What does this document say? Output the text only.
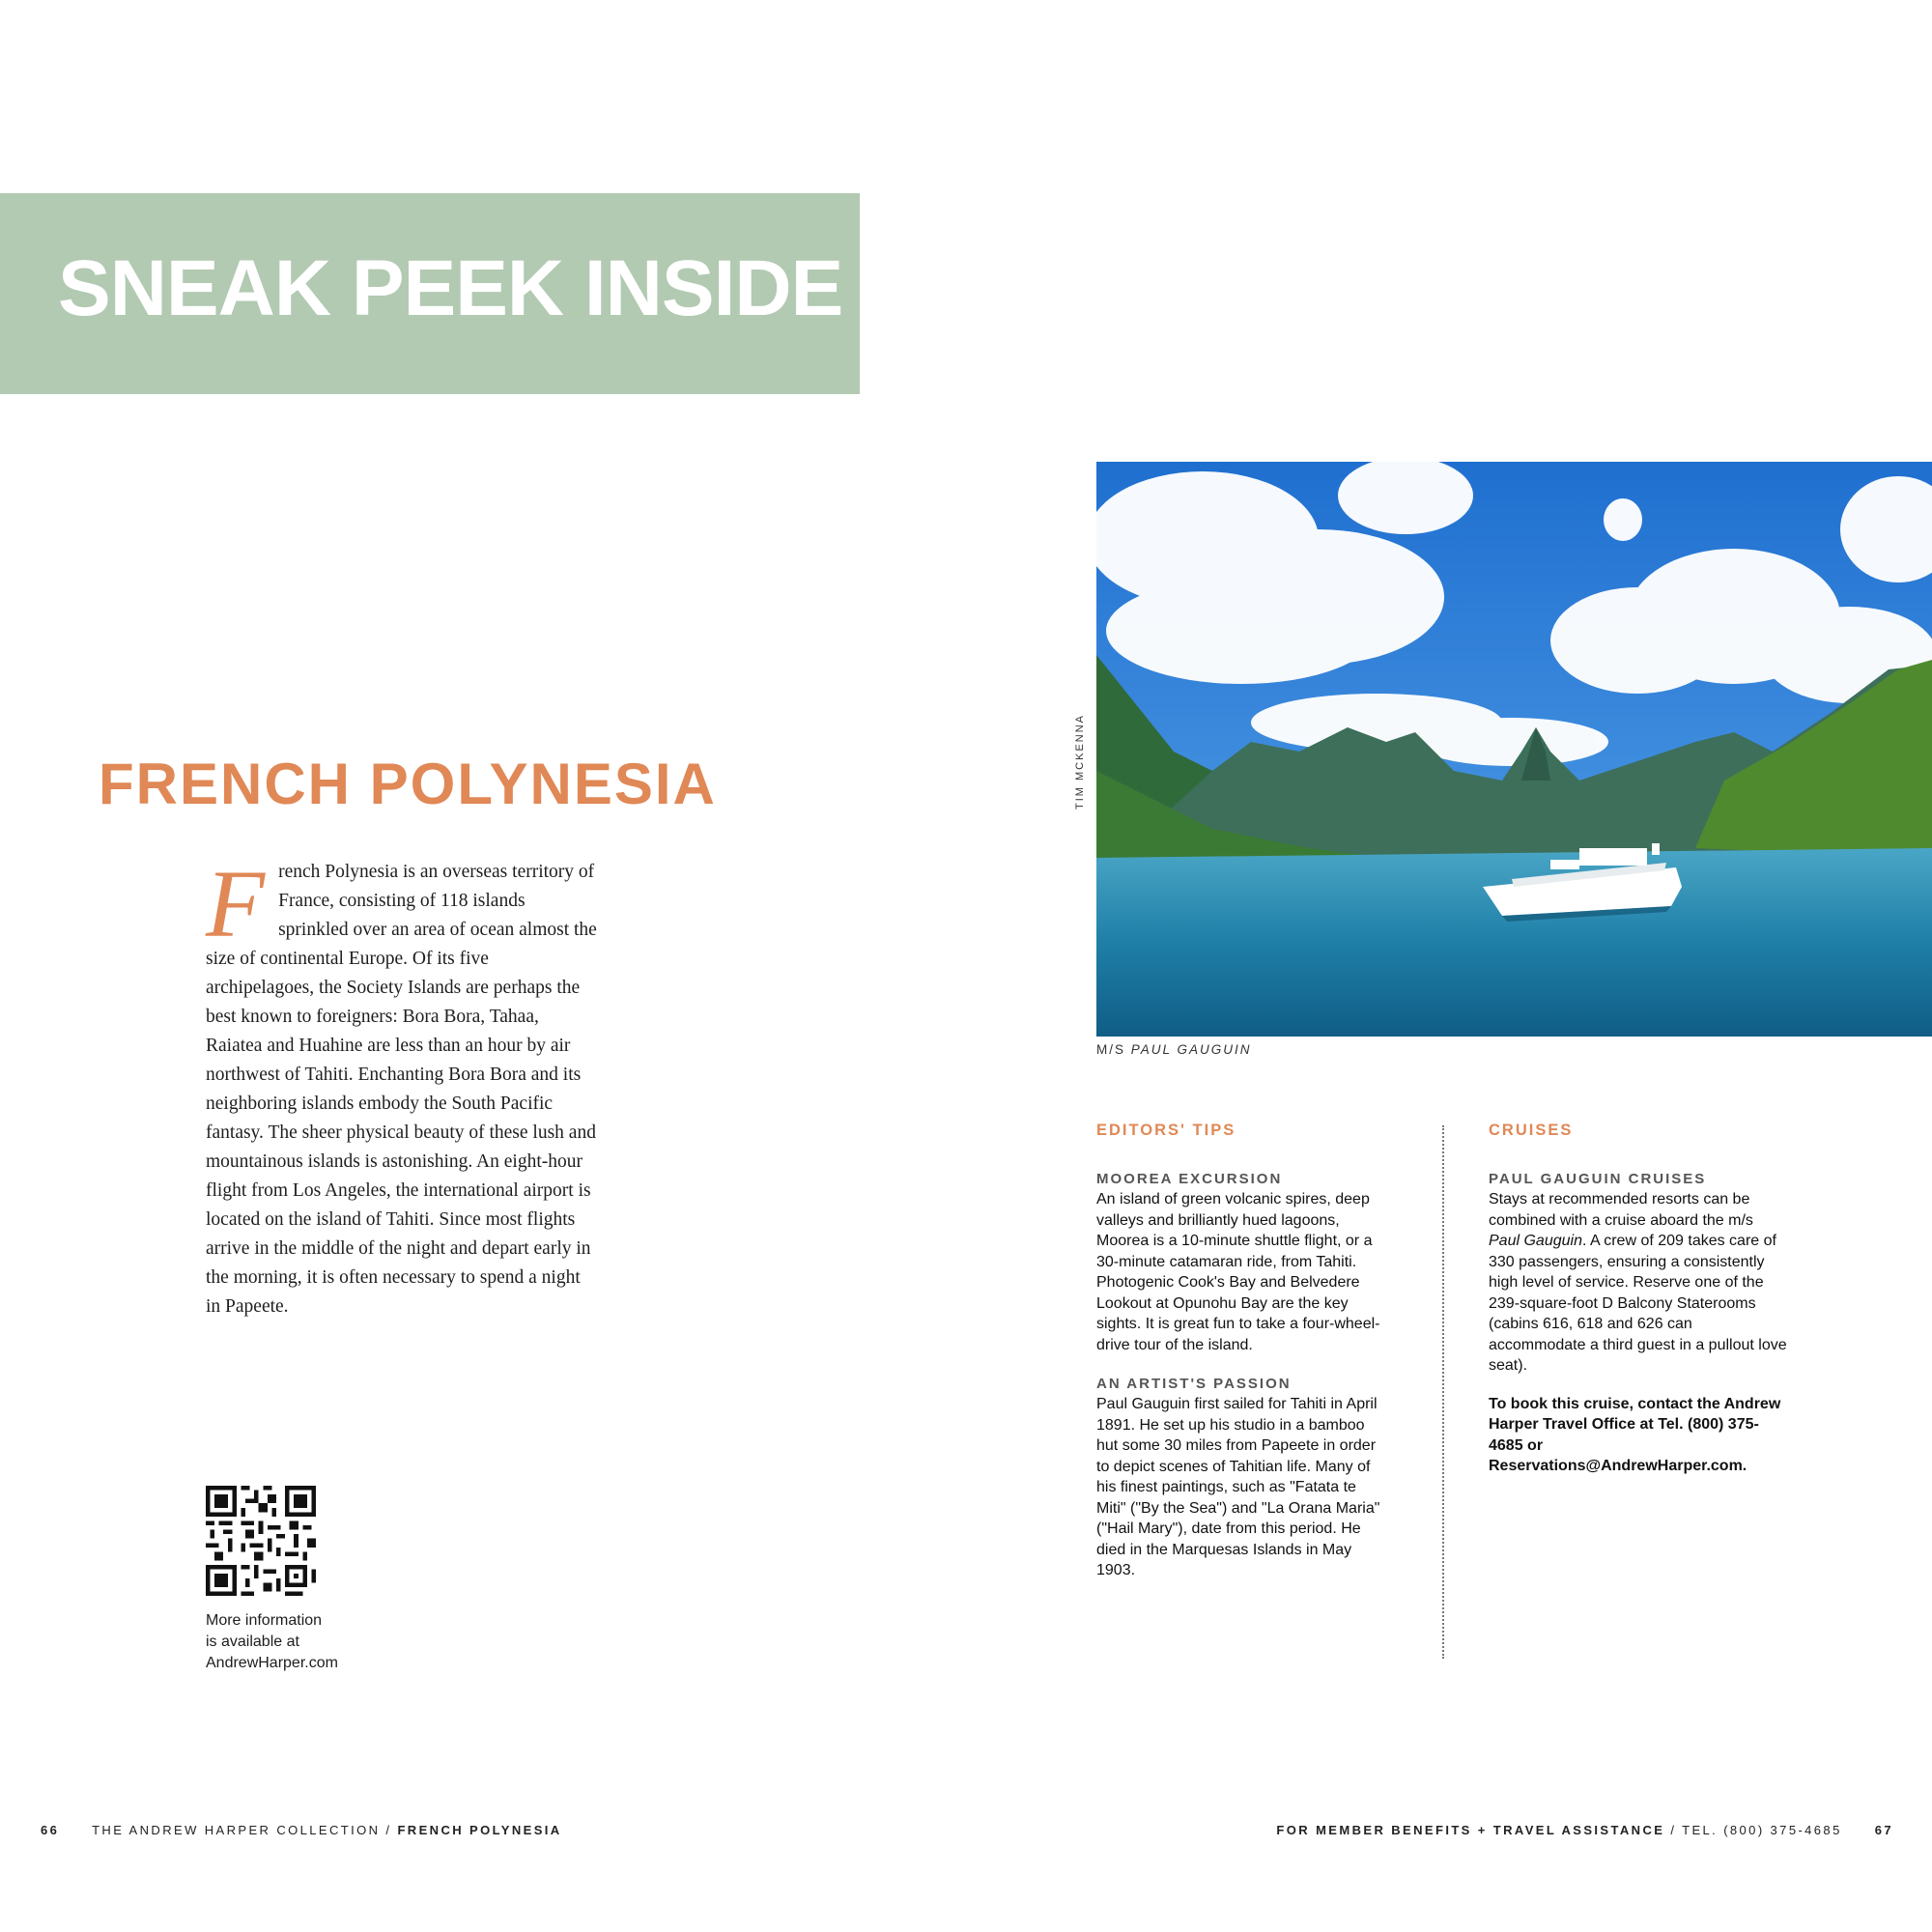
SNEAK PEEK INSIDE
FRENCH POLYNESIA

French Polynesia is an overseas territory of France, consisting of 118 islands sprinkled over an area of ocean almost the size of continental Europe. Of its five archipelagoes, the Society Islands are perhaps the best known to foreigners: Bora Bora, Tahaa, Raiatea and Huahine are less than an hour by air northwest of Tahiti. Enchanting Bora Bora and its neighboring islands embody the South Pacific fantasy. The sheer physical beauty of these lush and mountainous islands is astonishing. An eight-hour flight from Los Angeles, the international airport is located on the island of Tahiti. Since most flights arrive in the middle of the night and depart early in the morning, it is often necessary to spend a night in Papeete.

More information
is available at
AndrewHarper.com
TIM MCKENNA
M/S PAUL GAUGUIN
EDITORS' TIPS
MOOREA EXCURSION

An island of green volcanic spires, deep valleys and brilliantly hued lagoons, Moorea is a 10-minute shuttle flight, or a 30-minute catamaran ride, from Tahiti. Photogenic Cook's Bay and Belvedere Lookout at Opunohu Bay are the key sights. It is great fun to take a four-wheel-drive tour of the island.

AN ARTIST'S PASSION

Paul Gauguin first sailed for Tahiti in April 1891. He set up his studio in a bamboo hut some 30 miles from Papeete in order to depict scenes of Tahitian life. Many of his finest paintings, such as "Fatata te Miti" ("By the Sea") and "La Orana Maria" ("Hail Mary"), date from this period. He died in the Marquesas Islands in May 1903.

CRUISES
PAUL GAUGUIN CRUISES

Stays at recommended resorts can be combined with a cruise aboard the m/s Paul Gauguin. A crew of 209 takes care of 330 passengers, ensuring a consistently high level of service. Reserve one of the 239-square-foot D Balcony Staterooms (cabins 616, 618 and 626 can accommodate a third guest in a pullout love seat).

To book this cruise, contact the Andrew Harper Travel Office at Tel. (800) 375-4685 or Reservations@AndrewHarper.com.

66	THE ANDREW HARPER COLLECTION / FRENCH POLYNESIA	FOR MEMBER BENEFITS + TRAVEL ASSISTANCE / TEL. (800) 375-4685	67
